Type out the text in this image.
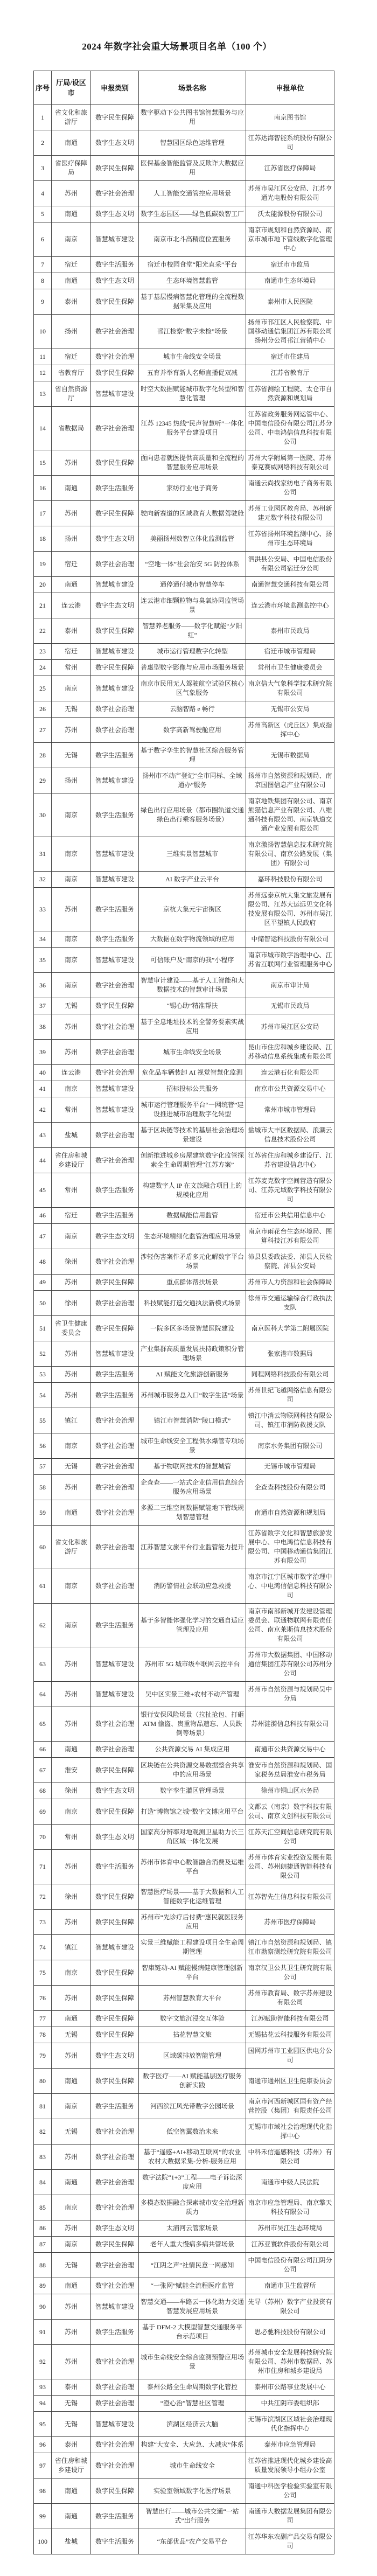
2024 年数字社会重大场景项目名单（100 个）
序号	厅局/设区市	申报类别	场景名称	申报单位
1	省文化和旅游厅	数字民生保障	数字驱动下公共图书馆智慧服务与应用	南京图书馆
2	南通	数字生态文明	智慧园区绿色运维管理	江苏达海智能系统股份有限公司
3	省医疗保障局	数字民生保障	医保基金智能监管及反欺诈大数据应用	江苏省医疗保障局
4	苏州	数字社会治理	人工智能交通管控应用场景	苏州市吴江区公安局、江苏亨通光电股份有限公司
5	南通	数字生态文明	数字生态园区——绿色低碳数智工厂	沃太能源股份有限公司
6	南京	智慧城市建设	南京市北斗高精度位置服务	南京市规划和自然资源局、南京市城市地下管线数字化管理中心
7	宿迁	数字生活服务	宿迁市校园食堂“阳光直采”平台	宿迁市市监局
8	南通	数字生态文明	生态环境智慧监管	南通市生态环境局
9	泰州	数字民生保障	基于基层慢病智慧化管理的全流程数据采集及应用	泰州市人民医院
10	扬州	数字社会治理	邗江检察“数字未检”场景	扬州市邗江区人民检察院、中国移动通信集团江苏有限公司扬州分公司邗江营销中心
11	宿迁	数字社会治理	城市生命线安全场景	宿迁市住建局
12	省教育厅	数字民生保障	五育并举育新人名师直播促双减	江苏省教育厅
13	省自然资源厅	智慧城市建设	时空大数据赋能城市数字化转型和智慧化管理	江苏省测绘工程院、太仓市自然资源和规划局
14	省数据局	数字社会治理	江苏 12345 热线“民声智慧听”一体化服务平台建设项目	江苏省政务服务网运管中心、中国电信股份有限公司江苏分公司、中电鸿信信息科技有限公司
15	苏州	数字民生保障	面向患者就医提供高质量和全流程的智慧服务应用场景	苏州大学附属第一医院、苏州泰克赛威网络科技有限公司
16	南通	数字生活服务	家纺行业电子商务	南通云尚找家纺电子商务有限公司
17	苏州	数字民生保障	驶向新赛道的区域教育大数据驾驶舱	苏州工业园区教育局、苏州新建元数字科技有限公司
18	扬州	数字生态文明	美丽扬州数智立体化监测监管	江苏省扬州环境监测中心、扬州市生态环境局
19	宿迁	数字社会治理	“空地一体”社会治安 5G 防控体系	泗洪县公安局、中国电信股份有限公司宿迁分公司
20	南通	智慧城市建设	通停通付城市智慧停车	南通智慧交通科技有限公司
21	连云港	数字生态文明	连云港市细颗粒物与臭氧协同监管场景	连云港市环境监测监控中心
22	泰州	数字民生保障	智慧养老服务——数字化赋能“夕阳红”	泰州市民政局
23	宿迁	智慧城市建设	城市运行管理数字化转型	宿迁市城市管理局
24	常州	数字民生保障	普惠型数字影像与应用市场服务场景	常州市卫生健康委员会
25	南京	智慧城市建设	南京市民用无人驾驶航空试验区核心区气象服务	南京信大气象科学技术研究院有限公司
26	无锡	数字社会治理	云脑智路 e 畅行	无锡市公安局
27	苏州	数字社会治理	数字高新驾驶舱应用	苏州高新区（虎丘区）集成指挥中心
28	无锡	数字生活服务	基于数字孪生的智慧社区综合服务管理	无锡市数据局
29	扬州	智慧城市建设	扬州市不动产登记“全市同标、全域通办”服务	扬州市自然资源和规划局、南京国图信息产业有限公司
30	南京	数字生活服务	绿色出行应用场景（都市圈轨道交通绿色出行乘客服务场景）	南京地铁集团有限公司、南京熊猫信息产业有限公司、八维通科技有限公司、南京轨道交通产业发展有限公司
31	南京	智慧城市建设	三维实景智慧城市	南京激扬智慧信息技术研究院有限公司、南京公路发展（集团）有限公司
32	南京	智慧城市建设	AI 数字产业云平台	嘉环科技股份有限公司
33	苏州	数字生活服务	京杭大集元宇宙街区	苏州远泰京杭大集文旅发展有限公司、江苏大运远见文化科技发展有限公司、苏州市吴江区平望镇人民政府
34	南京	数字生活服务	大数据在数字物流领域的应用	中储智运科技股份有限公司
35	南京	智慧城市建设	可信账户及“南京的我”小程序	南京市城市数字治理中心、江苏省互联网行业管理服务中心
36	南京	数字社会治理	智慧审计建设——基于人工智能和大数据技术的智慧审计场景	南京市审计局
37	无锡	数字民生保障	“锡心助”精准帮扶	无锡市民政局
38	苏州	数字社会治理	基于全息地址技术的全警务要素实战应用	苏州市吴江区公安局
39	苏州	数字社会治理	城市生命线安全场景	昆山市住房和城乡建设局、江苏移动信息系统集成有限公司
40	连云港	数字社会治理	危化品车辆装卸 AI 视觉智慧化监测	连云港石化有限公司
41	南京	智慧城市建设	招标投标公共服务	南京市公共资源交易中心
42	常州	智慧城市建设	城市运行管理服务平台“一网统管”建设推进城市治理数字化转型	常州市城市管理局
43	盐城	数字社会治理	基于区块链等技术的基层社会治理场景建设	盐城市大丰区数据局、浪潮云信息技术股份公司
44	省住房和城乡建设厅	数字社会治理	创新推进城乡房屋建筑数字化监管探索全生命周期管理“江苏方案”	江苏省住房和城乡建设厅、江苏省建设信息中心
45	常州	数字生活服务	构建数字人 IP 在文旅融合项目上的规模化应用	江苏麦克数字空间营造有限公司、江苏元域数字科技有限公司
46	宿迁	数字生活服务	数据赋能信用监管	宿迁市公共信用信息中心
47	南京	数字生态文明	生态环境精细化监管治理应用场景	南京市雨花台生态环境局、图算科技江苏有限公司
48	徐州	数字社会治理	涉轻伤害案件矛盾多元化解数字平台场景	沛县县委政法委、沛县人民检察院、沛县公安局
49	苏州	数字民生保障	重点群体帮扶场景	苏州市人力资源和社会保障局
50	徐州	数字社会治理	科技赋能打造交通执法新模式场景	徐州市交通运输综合行政执法支队
51	省卫生健康委员会	数字民生保障	一院多区多场景智慧医院建设	南京医科大学第二附属医院
52	苏州	智慧城市建设	产业集群高质量发展扶持政策积分管理场景	张家港市数据局
53	苏州	数字生活服务	AI 赋能文化旅游创新服务	同程网络科技股份有限公司
54	苏州	数字生活服务	苏州城市服务总入口“数字生活”场景	苏州世纪飞越网络信息有限公司
55	镇江	数字社会治理	镇江市智慧消防“陵口模式”	镇江中消云物联网科技有限公司、镇江市消防救援支队
56	南京	数字社会治理	城市生命线安全工程供水爆管专项场景	南京水务集团有限公司
57	无锡	数字社会治理	基于物联网技术的智慧城管	无锡市城市管理局
58	苏州	数字社会治理	企查查——一站式企业信用信息综合服务应用场景	企查查科技股份有限公司
59	南通	数字社会治理	多源二三维空间数据赋能地下管线规划智慧管理	南通市自然资源和规划局
60	省文化和旅游厅	数字社会治理	江苏智慧文旅平台行业监管能力提升	江苏省数字文化和智慧旅游发展中心、中电鸿信信息科技有限公司、中国移动通信集团江苏有限公司
61	南京	数字社会治理	消防警情社会联动应急救援	南京市江宁区城市数字治理中心、中电鸿信信息科技有限公司
62	南京	数字生活服务	基于多智能体强化学习的交通自适应管理及应用	南京市南部新城开发建设管理委员会、联通物联网有限责任公司、南京莱斯信息技术股份有限公司
63	苏州	智慧城市建设	苏州市 5G 城市级车联网云控平台	苏州市大数据集团、中国移动通信集团江苏有限公司苏州分公司
64	苏州	智慧城市建设	吴中区实景三维+农村不动产管理	苏州市自然资源与规划局吴中分局
65	苏州	数字社会治理	银行安保风险场景（拉扯抢包、打砸 ATM 偷盗、贵重物品遗忘、人员跌倒等场景）	苏州涟漪信息科技有限公司
66	南通	数字社会治理	公共资源交易 AI 集成应用	南通市公共资源交易中心
67	淮安	数字民生保障	区块链在公共资源交易数据整合共享中的应用场景	淮安市自然资源和规划局、国家税务总局淮安市税务局
68	徐州	数字生态文明	数字孪生灌区管理场景	徐州市铜山区水务局
69	南京	数字民生保障	打造“博物馆之城”数字文博应用平台	文都云（南京）数字科技有限公司、南京文创科技有限公司
70	常州	数字生态文明	国家高分辨率对地观测卫星助力长三角区域一体化发展	江苏天汇空间信息研究院有限公司
71	苏州	数字生活服务	苏州市体育中心数智融合消费及运维平台	苏州市体育实业投资发展有限公司、苏州朗捷通智能科技有限公司
72	徐州	数字民生保障	智慧医疗场景——基于大数据和人工智能数字化运维管理	江苏智先生信息科技有限公司
73	苏州	数字民生保障	苏州市“先诊疗后付费”惠民就医服务应用	苏州市医疗保障局
74	镇江	智慧城市建设	实景三维赋能工程建设项目全生命周期管理	镇江市自然资源和规划局、镇江市勘察测绘研究院有限公司
75	南京	数字民生保障	智康链动-AI 赋能慢病健康管理创新平台	南京汉卫公共卫生研究院有限公司
76	苏州	数字民生保障	苏州智慧教育大平台	苏州市教育局、数字苏州建设有限公司
77	南通	数字民生保障	数字文旅沉浸交互体验	江苏赋助智能科技有限公司
78	无锡	数字民生保障	拈花智慧文旅	无锡拈花云科技服务有限公司
79	苏州	数字生态文明	区域碳排放智能管理	国网苏州市工业园区供电分公司
80	南通	数字民生保障	数字医疗——AI 赋能基层医疗服务创新实践	南通市通州区卫生健康委员会
81	南京	数字生活服务	河西滨江风光带数字公园场景	南京市河西新城区国有资产经营控股（集团）有限责任公司
82	无锡	数字社会治理	低空智翼数治未来	无锡市市域社会治理现代化指挥中心
83	苏州	数字社会治理	基于“遥感+AI+移动互联网”的农业农村大数据采集-分析-服务应用	中科禾信遥感科技（苏州）有限公司
84	南通	数字社会治理	数字法院“1+3”工程——电子诉讼深度应用	南通市中级人民法院
85	南京	数字社会治理	多模态数据融合探索城市安全治理新质力	南京市应急管理局、南京擎天科技有限公司
86	苏州	数字生态文明	太浦河云管家场景	苏州市吴江生态环境局
87	南京	数字民生保障	老年人重大慢病多病共管场景	江苏亚寰软件股份有限公司
88	无锡	数字社会治理	“江阴之声”社情民意一网感知	中国电信股份有限公司江阴分公司
89	南通	数字社会治理	“一张网”赋能全流程医疗监管	南通市卫生监督所
90	苏州	智慧城市建设	智慧交通——车路云一体化助力交通智慧发展应用场景	先导（苏州）数字产业投资有限公司
91	苏州	数字生活服务	基于 DFM-2 大模型智慧交通服务平台示范项目	思必驰科技股份有限公司
92	苏州	数字社会治理	城市生命线安全综合监测预警应用场景	苏州城市安全发展科技研究院有限公司、苏州市数据局、苏州市住房和城乡建设局
93	泰州	数字社会治理	泰州公路全生命周期数字化管控	泰州市公路事业发展中心
94	无锡	数字社会治理	“澄心治”智慧社区管理	中共江阴市委组织部
95	无锡	智慧城市建设	滨湖区经济云大脑	无锡市滨湖区区域社会治理现代化指挥中心
96	泰州	数字社会治理	构建“大安全、大应急、大减灾”体系	泰州市应急管理局
97	省住房和城乡建设厅	数字社会治理	城市生命线安全	江苏省推进现代化城乡建设高质量发展领导小组办公室
98	南通	数字民生保障	实验室领域数字化医疗场景	南通中科医学检验实验室有限公司
99	南通	数字生活服务	智慧出行——城市公共交通“一站式”出行服务	南通市大数据发展集团有限公司
100	盐城	数字生活服务	“东部优品”农产交易平台	江苏华东农副产品交易有限公司
